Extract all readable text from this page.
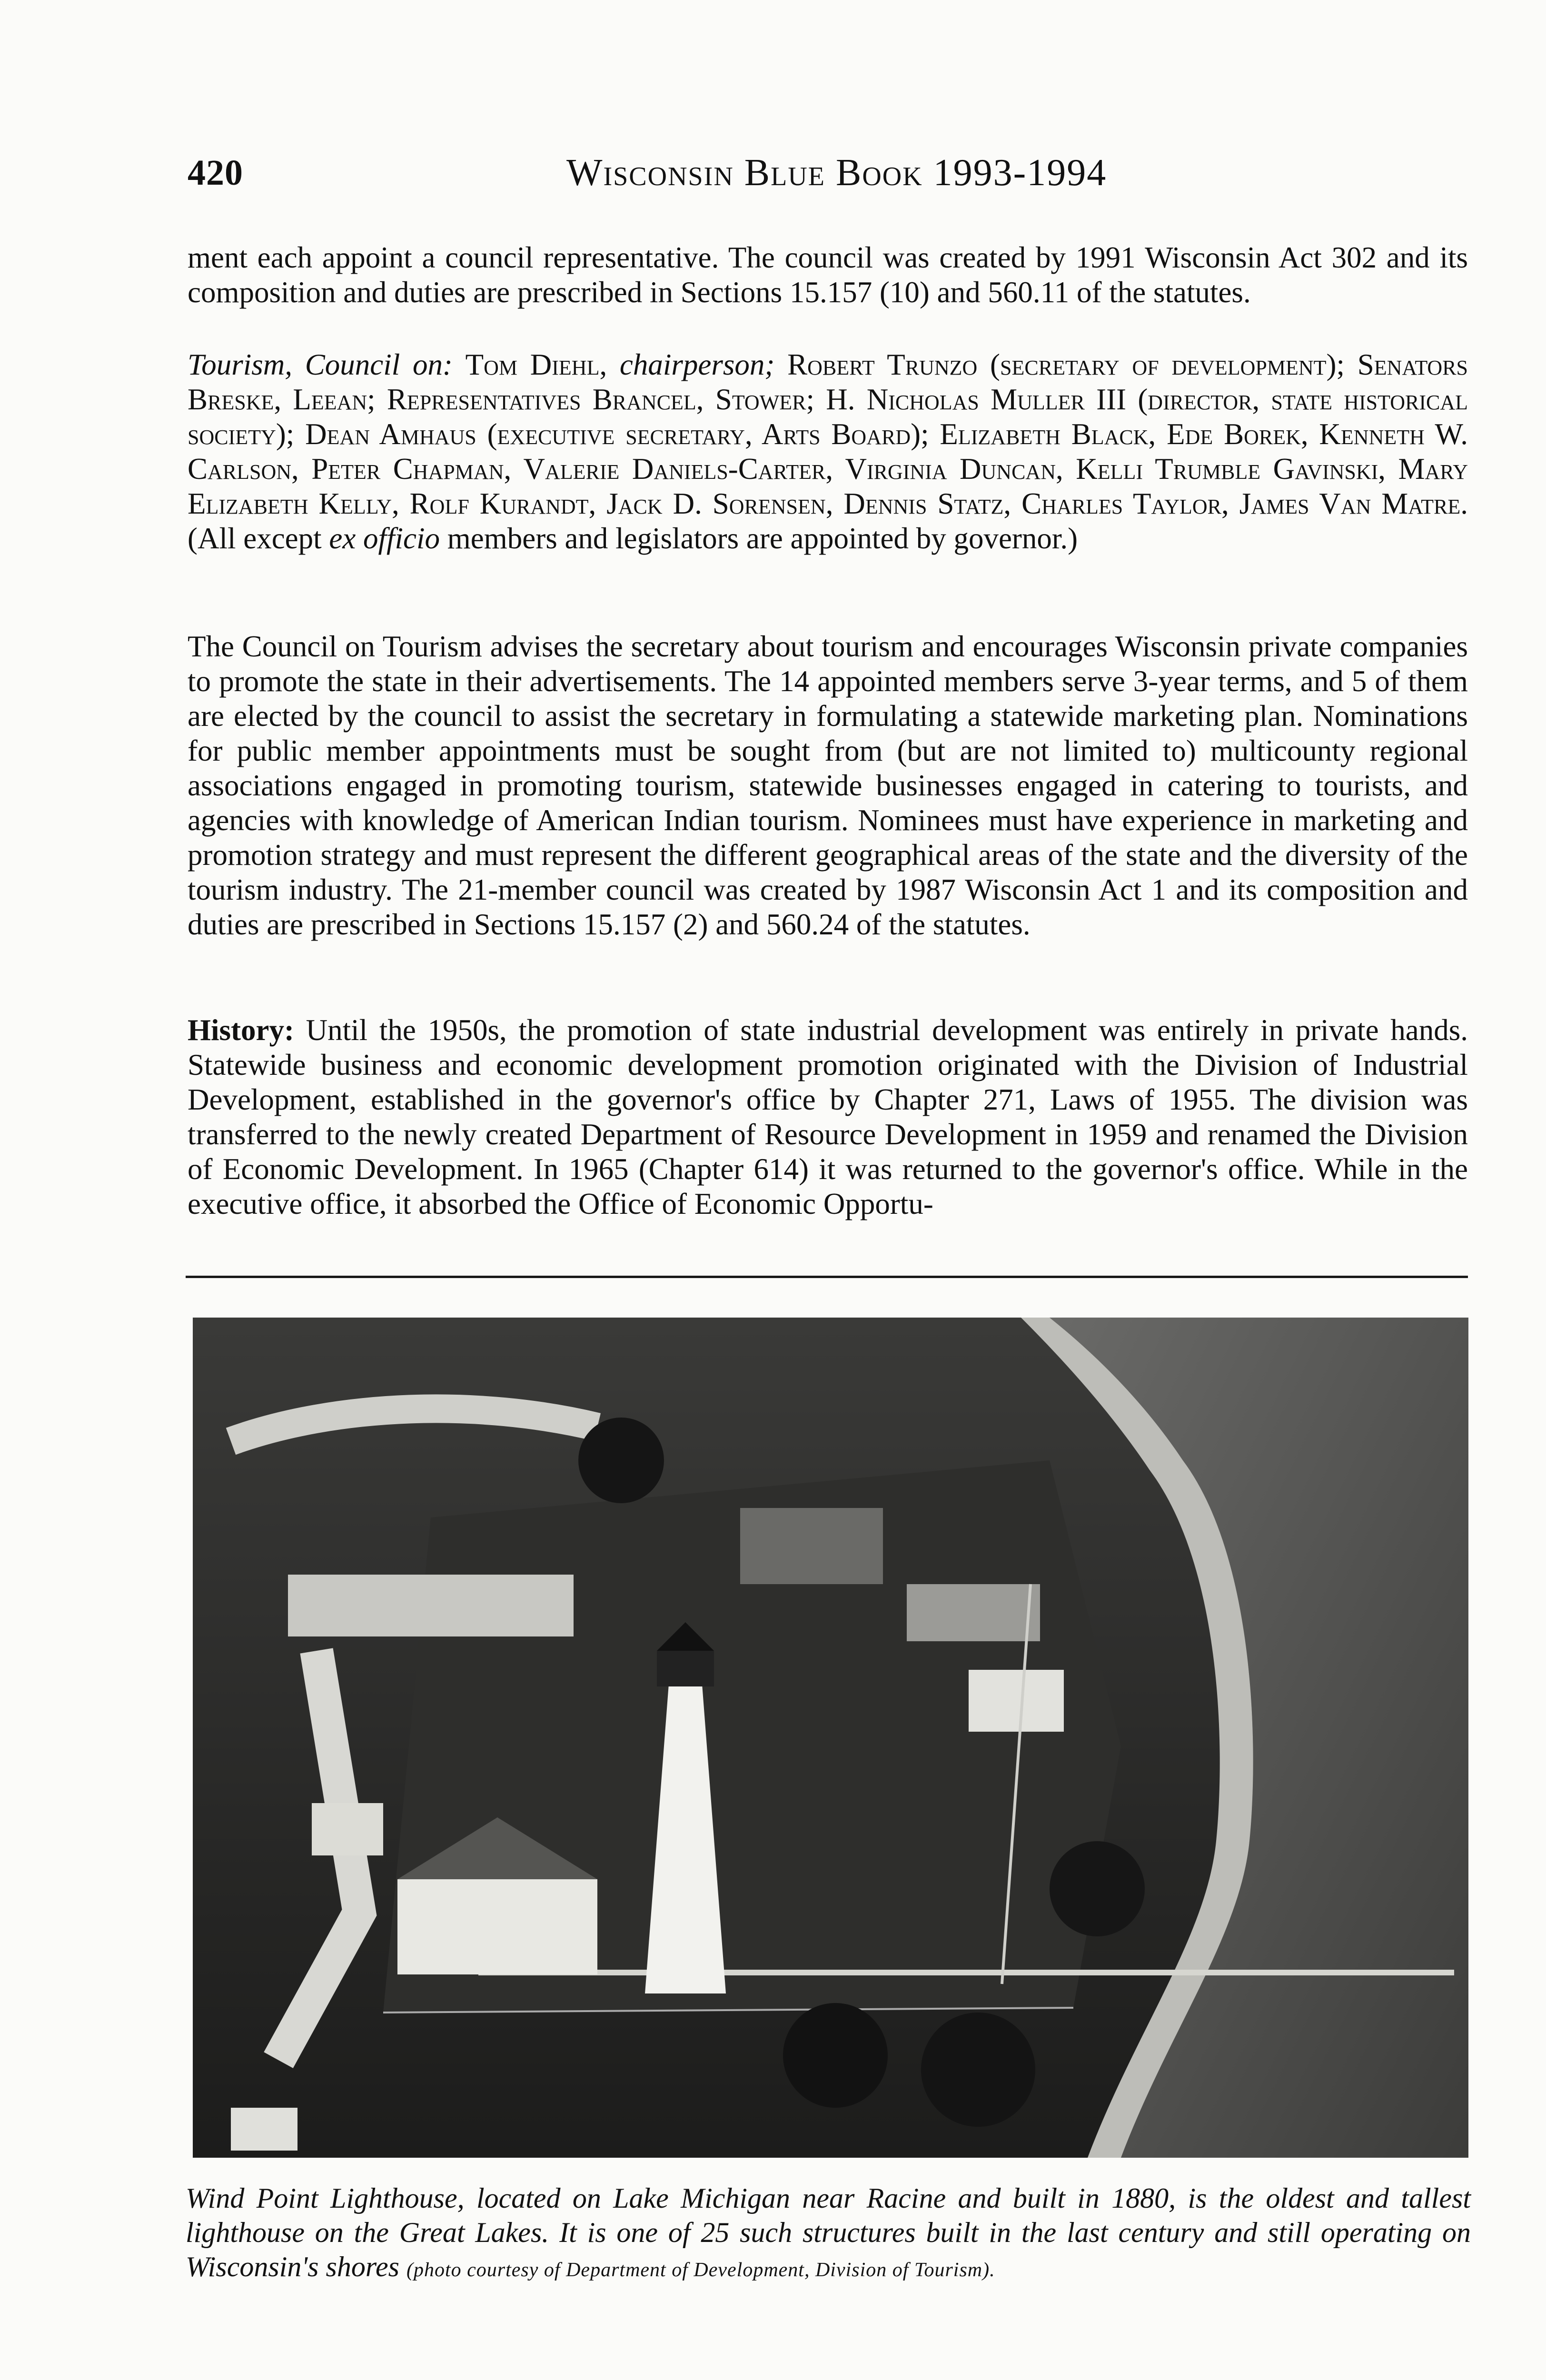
420	Wisconsin Blue Book 1993-1994
ment each appoint a council representative. The council was created by 1991 Wisconsin Act 302 and its composition and duties are prescribed in Sections 15.157 (10) and 560.11 of the statutes.
Tourism, Council on: Tom Diehl, chairperson; Robert Trunzo (secretary of development); Senators Breske, Leean; Representatives Brancel, Stower; H. Nicholas Muller III (director, state historical society); Dean Amhaus (executive secretary, Arts Board); Elizabeth Black, Ede Borek, Kenneth W. Carlson, Peter Chapman, Valerie Daniels-Carter, Virginia Duncan, Kelli Trumble Gavinski, Mary Elizabeth Kelly, Rolf Kurandt, Jack D. Sorensen, Dennis Statz, Charles Taylor, James Van Matre. (All except ex officio members and legislators are appointed by governor.)
The Council on Tourism advises the secretary about tourism and encourages Wisconsin private companies to promote the state in their advertisements. The 14 appointed members serve 3-year terms, and 5 of them are elected by the council to assist the secretary in formulating a statewide marketing plan. Nominations for public member appointments must be sought from (but are not limited to) multicounty regional associations engaged in promoting tourism, statewide businesses engaged in catering to tourists, and agencies with knowledge of American Indian tourism. Nominees must have experience in marketing and promotion strategy and must represent the different geographical areas of the state and the diversity of the tourism industry. The 21-member council was created by 1987 Wisconsin Act 1 and its composition and duties are prescribed in Sections 15.157 (2) and 560.24 of the statutes.
History: Until the 1950s, the promotion of state industrial development was entirely in private hands. Statewide business and economic development promotion originated with the Division of Industrial Development, established in the governor's office by Chapter 271, Laws of 1955. The division was transferred to the newly created Department of Resource Development in 1959 and renamed the Division of Economic Development. In 1965 (Chapter 614) it was returned to the governor's office. While in the executive office, it absorbed the Office of Economic Opportu-
Wind Point Lighthouse, located on Lake Michigan near Racine and built in 1880, is the oldest and tallest lighthouse on the Great Lakes. It is one of 25 such structures built in the last century and still operating on Wisconsin's shores (photo courtesy of Department of Development, Division of Tourism).
